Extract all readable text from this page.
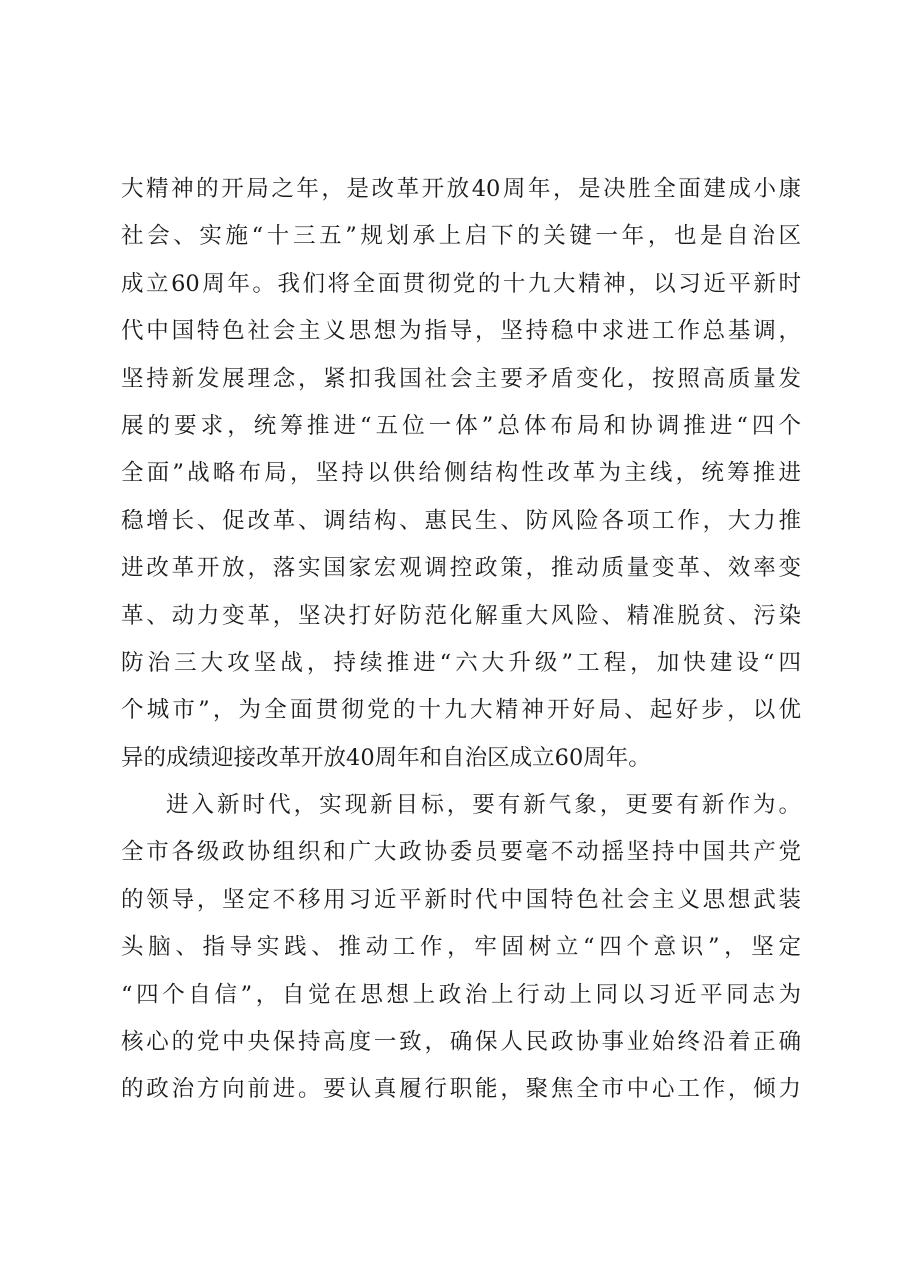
大精神的开局之年，是改革开放40周年，是决胜全面建成小康
社会、实施“十三五”规划承上启下的关键一年，也是自治区
成立60周年。我们将全面贯彻党的十九大精神，以习近平新时
代中国特色社会主义思想为指导，坚持稳中求进工作总基调，
坚持新发展理念，紧扣我国社会主要矛盾变化，按照高质量发
展的要求，统筹推进“五位一体”总体布局和协调推进“四个
全面”战略布局，坚持以供给侧结构性改革为主线，统筹推进
稳增长、促改革、调结构、惠民生、防风险各项工作，大力推
进改革开放，落实国家宏观调控政策，推动质量变革、效率变
革、动力变革，坚决打好防范化解重大风险、精准脱贫、污染
防治三大攻坚战，持续推进“六大升级”工程，加快建设“四
个城市”，为全面贯彻党的十九大精神开好局、起好步，以优
异的成绩迎接改革开放40周年和自治区成立60周年。
进入新时代，实现新目标，要有新气象，更要有新作为。
全市各级政协组织和广大政协委员要毫不动摇坚持中国共产党
的领导，坚定不移用习近平新时代中国特色社会主义思想武装
头脑、指导实践、推动工作，牢固树立“四个意识”，坚定
“四个自信”，自觉在思想上政治上行动上同以习近平同志为
核心的党中央保持高度一致，确保人民政协事业始终沿着正确
的政治方向前进。要认真履行职能，聚焦全市中心工作，倾力
